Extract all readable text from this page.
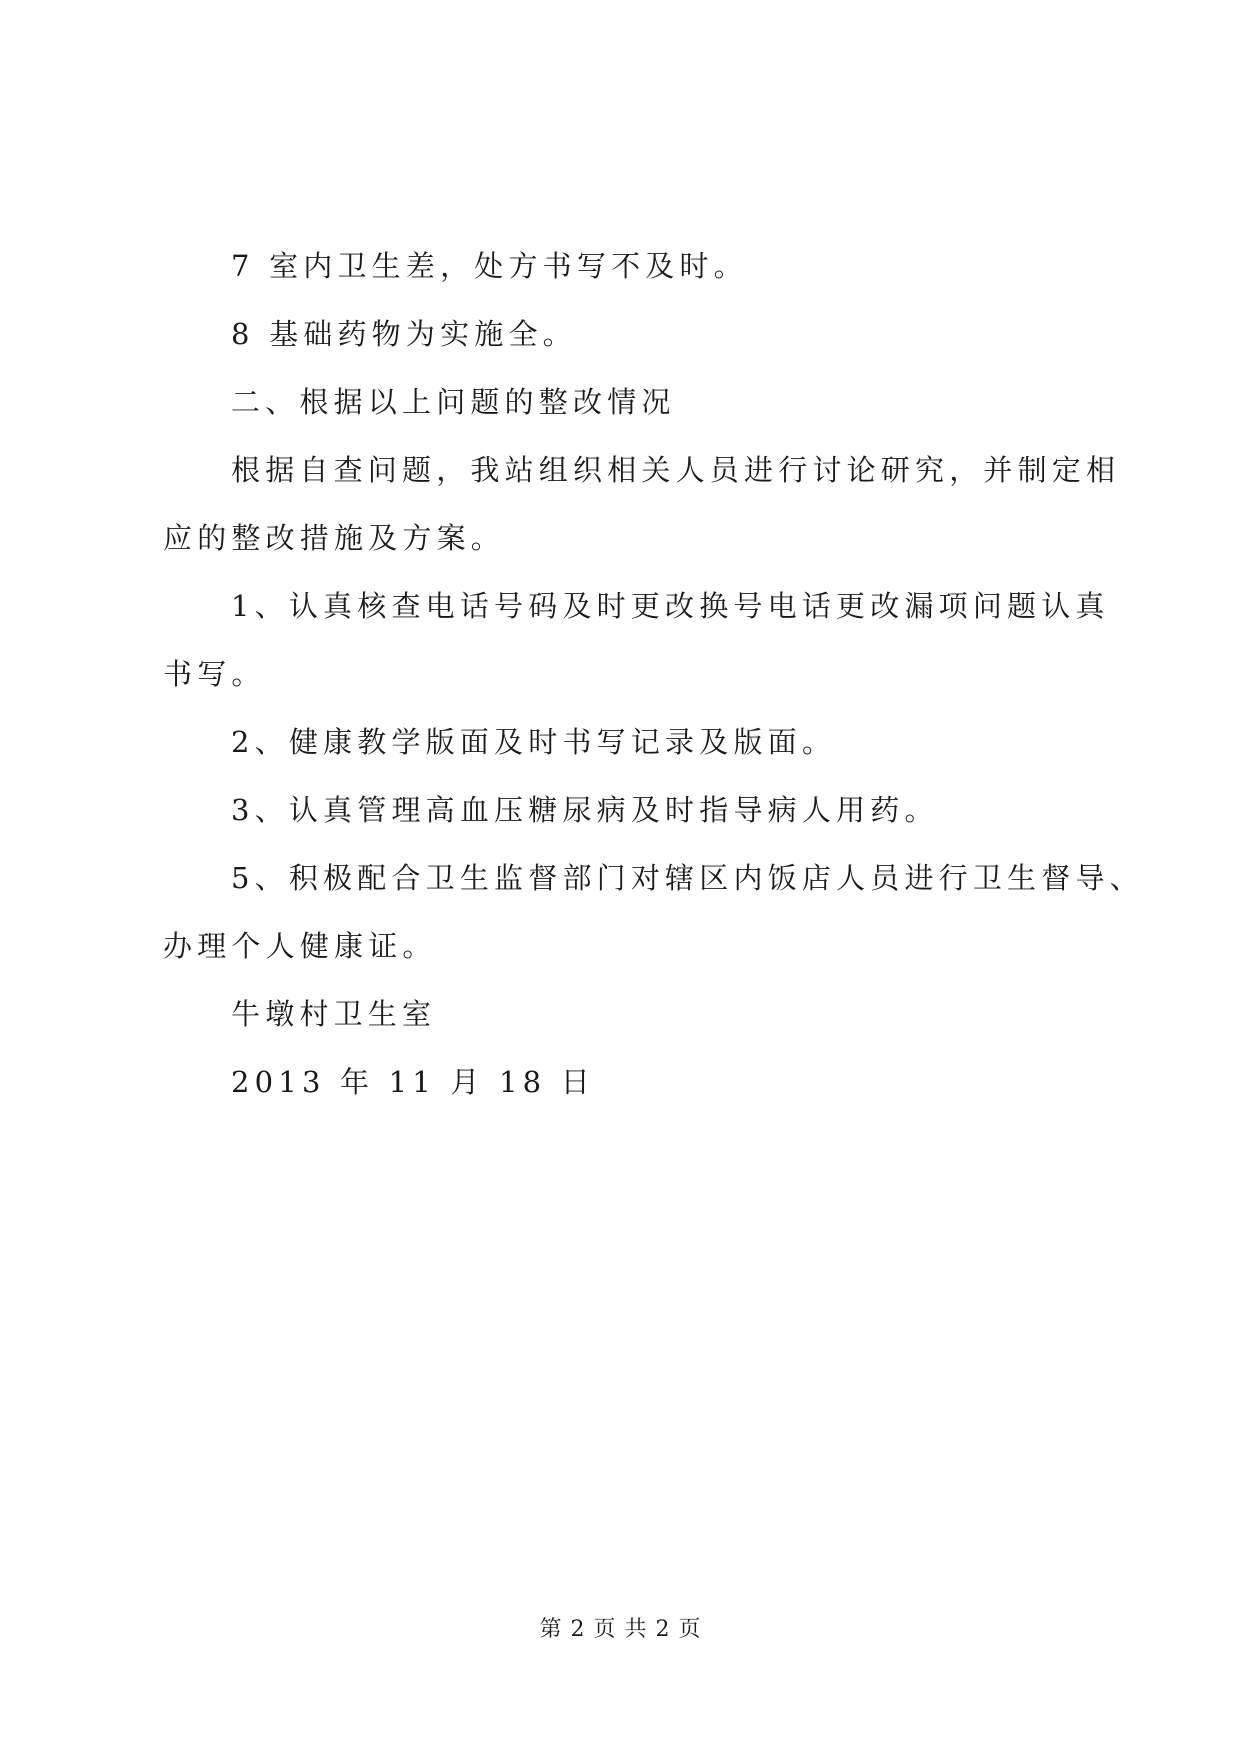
7 室内卫生差，处方书写不及时。

8 基础药物为实施全。

二、根据以上问题的整改情况

根据自查问题，我站组织相关人员进行讨论研究，并制定相

应的整改措施及方案。

1、认真核查电话号码及时更改换号电话更改漏项问题认真

书写。

2、健康教学版面及时书写记录及版面。

3、认真管理高血压糖尿病及时指导病人用药。

5、积极配合卫生监督部门对辖区内饭店人员进行卫生督导、

办理个人健康证。

牛墩村卫生室

2013 年 11 月 18 日

第 2 页 共 2 页
